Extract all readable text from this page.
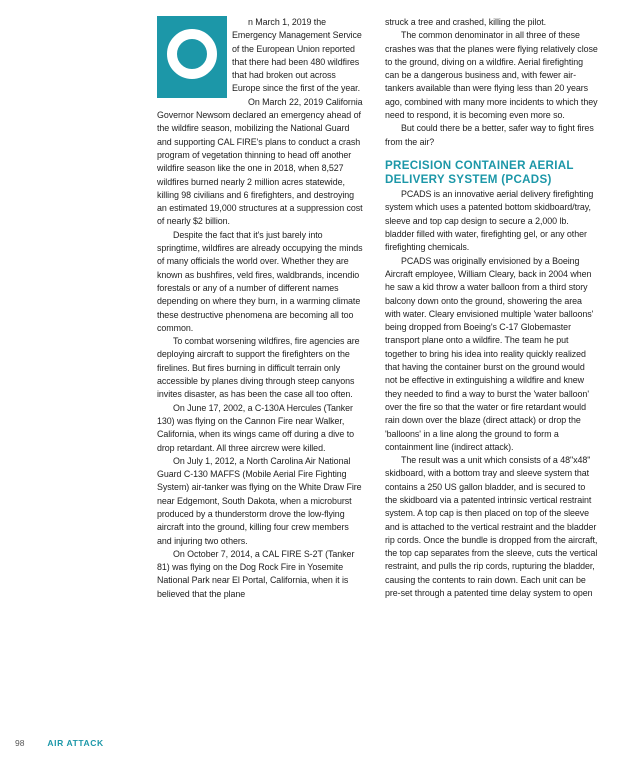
n March 1, 2019 the Emergency Management Service of the European Union reported that there had been 480 wildfires that had broken out across Europe since the first of the year.

On March 22, 2019 California Governor Newsom declared an emergency ahead of the wildfire season, mobilizing the National Guard and supporting CAL FIRE's plans to conduct a crash program of vegetation thinning to head off another wildfire season like the one in 2018, when 8,527 wildfires burned nearly 2 million acres statewide, killing 98 civilians and 6 firefighters, and destroying an estimated 19,000 structures at a suppression cost of nearly $2 billion.

Despite the fact that it's just barely into springtime, wildfires are already occupying the minds of many officials the world over. Whether they are known as bushfires, veld fires, waldbrands, incendio forestals or any of a number of different names depending on where they burn, in a warming climate these destructive phenomena are becoming all too common.

To combat worsening wildfires, fire agencies are deploying aircraft to support the firefighters on the firelines. But fires burning in difficult terrain only accessible by planes diving through steep canyons invites disaster, as has been the case all too often.

On June 17, 2002, a C-130A Hercules (Tanker 130) was flying on the Cannon Fire near Walker, California, when its wings came off during a dive to drop retardant. All three aircrew were killed.

On July 1, 2012, a North Carolina Air National Guard C-130 MAFFS (Mobile Aerial Fire Fighting System) air-tanker was flying on the White Draw Fire near Edgemont, South Dakota, when a microburst produced by a thunderstorm drove the low-flying aircraft into the ground, killing four crew members and injuring two others.

On October 7, 2014, a CAL FIRE S-2T (Tanker 81) was flying on the Dog Rock Fire in Yosemite National Park near El Portal, California, when it is believed that the plane

struck a tree and crashed, killing the pilot.

The common denominator in all three of these crashes was that the planes were flying relatively close to the ground, diving on a wildfire. Aerial firefighting can be a dangerous business and, with fewer air-tankers available than were flying less than 20 years ago, combined with many more incidents to which they need to respond, it is becoming even more so.

But could there be a better, safer way to fight fires from the air?

PRECISION CONTAINER AERIAL DELIVERY SYSTEM (PCADS)

PCADS is an innovative aerial delivery firefighting system which uses a patented bottom skidboard/tray, sleeve and top cap design to secure a 2,000 lb. bladder filled with water, firefighting gel, or any other firefighting chemicals.

PCADS was originally envisioned by a Boeing Aircraft employee, William Cleary, back in 2004 when he saw a kid throw a water balloon from a third story balcony down onto the ground, showering the area with water. Cleary envisioned multiple 'water balloons' being dropped from Boeing's C-17 Globemaster transport plane onto a wildfire. The team he put together to bring his idea into reality quickly realized that having the container burst on the ground would not be effective in extinguishing a wildfire and knew they needed to find a way to burst the 'water balloon' over the fire so that the water or fire retardant would rain down over the blaze (direct attack) or drop the 'balloons' in a line along the ground to form a containment line (indirect attack).

The result was a unit which consists of a 48"x48" skidboard, with a bottom tray and sleeve system that contains a 250 US gallon bladder, and is secured to the skidboard via a patented intrinsic vertical restraint system. A top cap is then placed on top of the sleeve and is attached to the vertical restraint and the bladder rip cords. Once the bundle is dropped from the aircraft, the top cap separates from the sleeve, cuts the vertical restraint, and pulls the rip cords, rupturing the bladder, causing the contents to rain down. Each unit can be pre-set through a patented time delay system to open

98	AIR ATTACK
